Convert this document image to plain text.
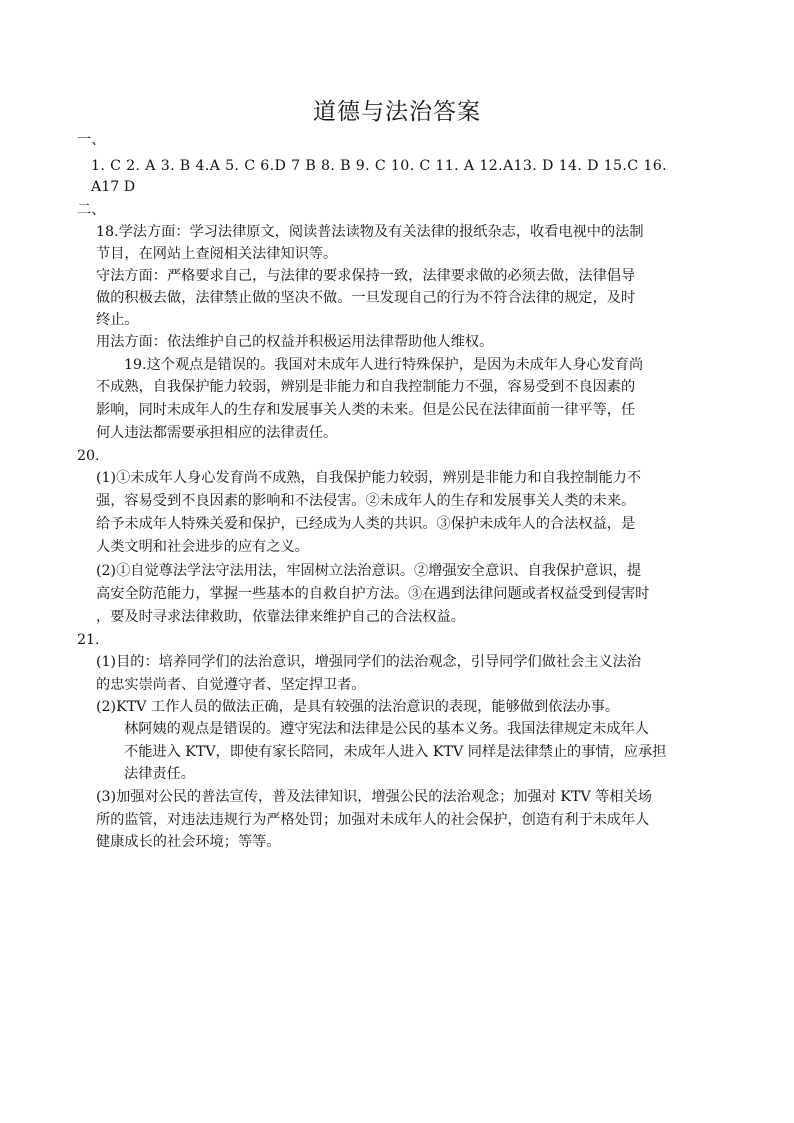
道德与法治答案
一、
1. C 2. A 3. B 4.A 5. C 6.D 7 B 8. B 9. C 10. C 11. A 12.A13. D 14. D 15.C 16.
A17 D
二、
18.学法方面：学习法律原文，阅读普法读物及有关法律的报纸杂志，收看电视中的法制
节目，在网站上查阅相关法律知识等。
守法方面：严格要求自己，与法律的要求保持一致，法律要求做的必须去做，法律倡导
做的积极去做，法律禁止做的坚决不做。一旦发现自己的行为不符合法律的规定，及时
终止。
用法方面：依法维护自己的权益并积极运用法律帮助他人维权。
19.这个观点是错误的。我国对未成年人进行特殊保护，是因为未成年人身心发育尚
不成熟，自我保护能力较弱，辨别是非能力和自我控制能力不强，容易受到不良因素的
影响，同时未成年人的生存和发展事关人类的未来。但是公民在法律面前一律平等，任
何人违法都需要承担相应的法律责任。
20.
(1)①未成年人身心发育尚不成熟，自我保护能力较弱，辨别是非能力和自我控制能力不
强，容易受到不良因素的影响和不法侵害。②未成年人的生存和发展事关人类的未来。
给予未成年人特殊关爱和保护，已经成为人类的共识。③保护未成年人的合法权益，是
人类文明和社会进步的应有之义。
(2)①自觉尊法学法守法用法，牢固树立法治意识。②增强安全意识、自我保护意识，提
高安全防范能力，掌握一些基本的自救自护方法。③在遇到法律问题或者权益受到侵害时
，要及时寻求法律救助，依靠法律来维护自己的合法权益。
21.
(1)目的：培养同学们的法治意识，增强同学们的法治观念，引导同学们做社会主义法治
的忠实崇尚者、自觉遵守者、坚定捍卫者。
(2)KTV 工作人员的做法正确，是具有较强的法治意识的表现，能够做到依法办事。
林阿姨的观点是错误的。遵守宪法和法律是公民的基本义务。我国法律规定未成年人
不能进入 KTV，即使有家长陪同，未成年人进入 KTV 同样是法律禁止的事情，应承担
法律责任。
(3)加强对公民的普法宣传，普及法律知识，增强公民的法治观念；加强对 KTV 等相关场
所的监管，对违法违规行为严格处罚；加强对未成年人的社会保护，创造有利于未成年人
健康成长的社会环境；等等。
